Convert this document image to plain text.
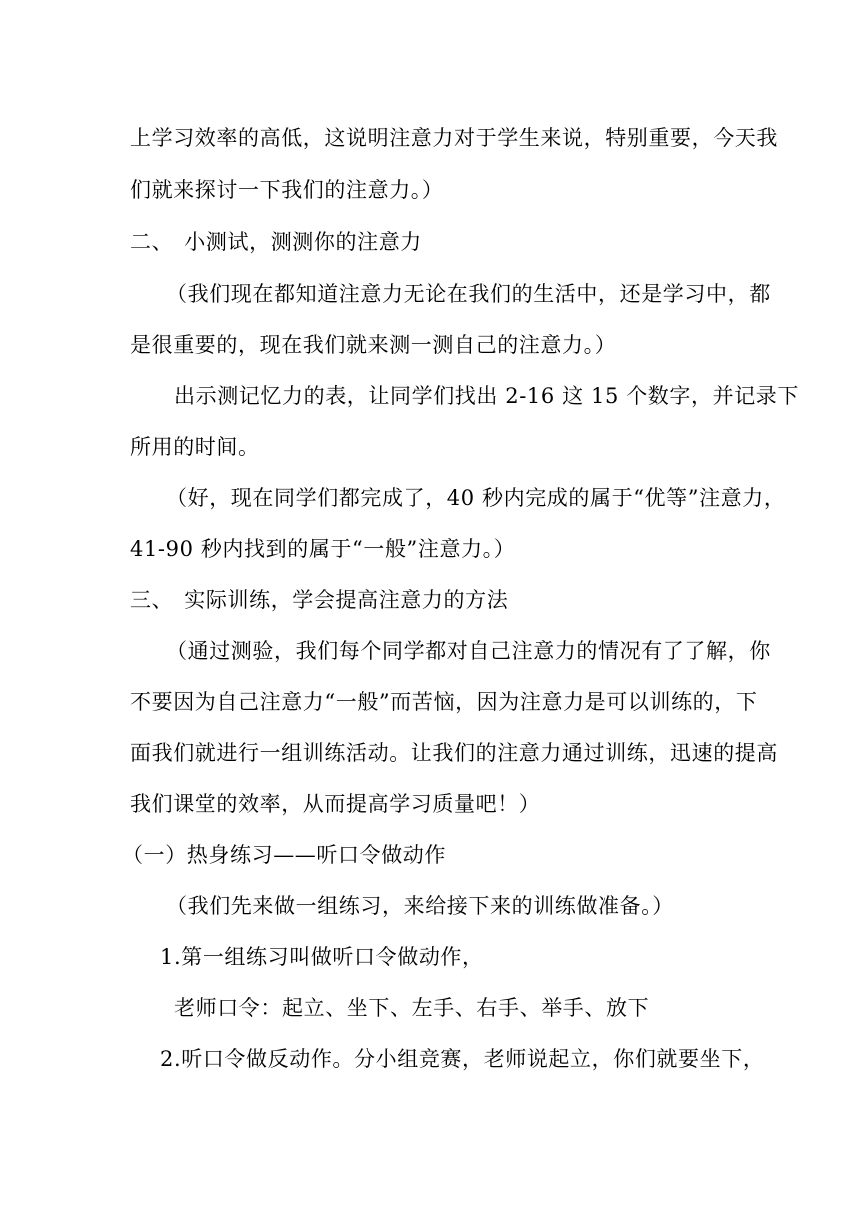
上学习效率的高低，这说明注意力对于学生来说，特别重要，今天我
们就来探讨一下我们的注意力。）
二、　小测试，测测你的注意力
（我们现在都知道注意力无论在我们的生活中，还是学习中，都
是很重要的，现在我们就来测一测自己的注意力。）
出示测记忆力的表，让同学们找出 2-16 这 15 个数字，并记录下
所用的时间。
（好，现在同学们都完成了，40 秒内完成的属于“优等”注意力，
41-90 秒内找到的属于“一般”注意力。）
三、　实际训练，学会提高注意力的方法
（通过测验，我们每个同学都对自己注意力的情况有了了解，你
不要因为自己注意力“一般”而苦恼，因为注意力是可以训练的，下
面我们就进行一组训练活动。让我们的注意力通过训练，迅速的提高
我们课堂的效率，从而提高学习质量吧！）
（一）热身练习——听口令做动作
（我们先来做一组练习，来给接下来的训练做准备。）
1.第一组练习叫做听口令做动作，
老师口令：起立、坐下、左手、右手、举手、放下
2.听口令做反动作。分小组竞赛，老师说起立，你们就要坐下，
